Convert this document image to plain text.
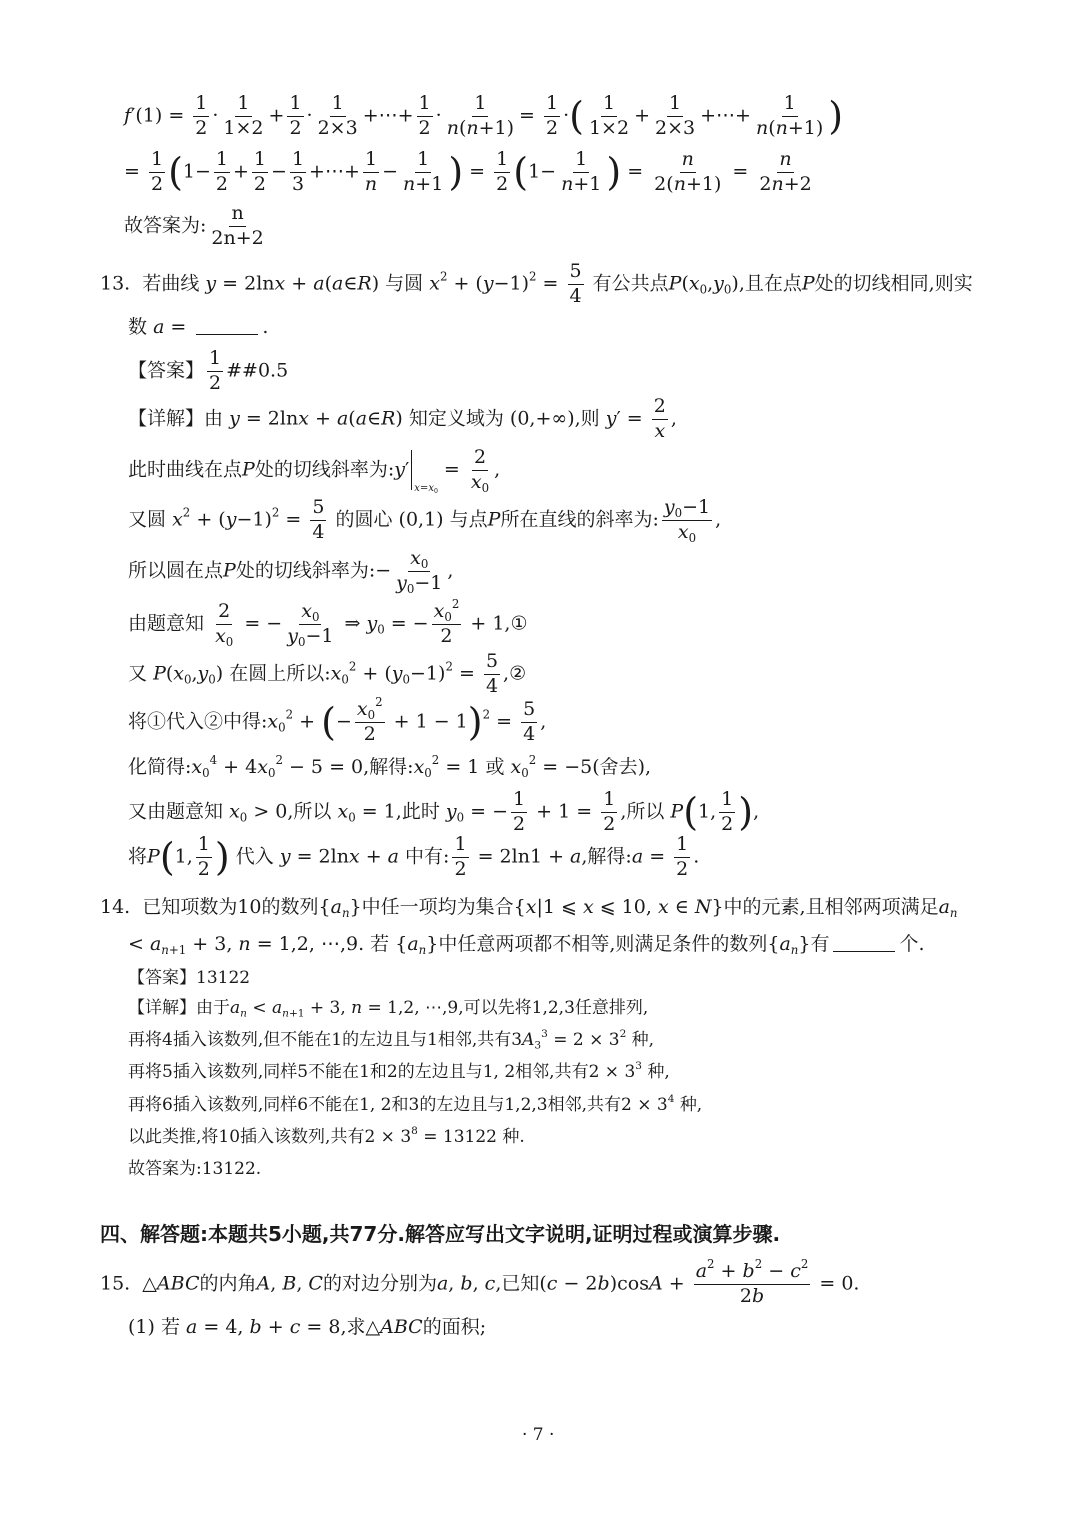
$f'(1) = \frac{1}{2} \cdot \frac{1}{1\times 2} + \frac{1}{2} \cdot \frac{1}{2\times 3}$ +⋯+ $\frac{1}{2} \cdot \frac{1}{n(n+1)} = \frac{1}{2}$ ·( $\frac{1}{1\times 2} + \frac{1}{2\times 3}$ +⋯+ $\frac{1}{n(n+1)}$ )
= $\frac{1}{2} (1- \frac{1}{2} + \frac{1}{2} - \frac{1}{3}$ +⋯+ $\frac{1}{n} - \frac{1}{n+1}$ ) = $\frac{1}{2} (1- \frac{1}{n+1}$ ) = $\frac{n}{2(n+1)} = \frac{n}{2n+2}$
故答案为: $\frac{n}{2n+2}$
13. 若曲线 y = 2lnx + a(a∈R) 与圆 $x^2 + (y-1)^2 = \frac{5}{4}$ 有公共点$P(x_0,y_0)$,且在点P处的切线相同,则实
数 a =	.
【答案】 $\frac{1}{2}$ ##0.5
【详解】由 y = 2lnx + a(a∈R) 知定义域为 (0,+∞),则 $y' = \frac{2}{x}$ ,
此时曲线在点P处的切线斜率为$:y'_{x=x_0} = \frac{2}{x_0}$ ,
又圆 $x^2 + (y-1)^2 = \frac{5}{4}$ 的圆心 (0,1) 与点P所在直线的斜率为: $\frac{y_0-1}{x_0}$ ,
所以圆在点P处的切线斜率为:− $\frac{x_0}{y_0-1}$ ,
由题意知 $\frac{2}{x_0}$ = − $\frac{x_0}{y_0-1}$ ⇒ $y_0$ = − $\frac{x_0^2}{2}$ + 1,①
又 $P(x_0,y_0)$ 在圆上所以$:x_0^2 + (y_0-1)^2 = \frac{5}{4}$ ,②
将①代入②中得$:x_0^2$ + (− $\frac{x_0^2}{2} + 1 - 1)^2 = \frac{5}{4}$ ,
化简得$:x_0^4 + 4x_0^2 - 5 = 0$,解得$:x_0^2 = 1$ 或 $x_0^2 = -5$(舍去),
又由题意知 $x_0 > 0$,所以 $x_0 = 1$,此时 $y_0$ = − $\frac{1}{2} + 1 = \frac{1}{2}$ ,所以 P(1, $\frac{1}{2}$ ),
将P(1, $\frac{1}{2}$ ) 代入 y = 2lnx + a 中有: $\frac{1}{2} = 2\ln 1 + a$,解得:a = $\frac{1}{2}$ .
14. 已知项数为10的数列$\{a_n\}$中任一项均为集合{x|1 ⩽ x ⩽ 10, x ∈ N}中的元素,且相邻两项满足$a_n$
< $a_{n+1} + 3$, n = 1,2, ⋯,9. 若 $\{a_n\}$中任意两项都不相等,则满足条件的数列$\{a_n\}$有	个.
【答案】13122
【详解】由于$a_n < a_{n+1} + 3$, n = 1,2, ⋯,9,可以先将1,2,3任意排列,
再将4插入该数列,但不能在1的左边且与1相邻,共有$3A_3^3 = 2 \times 3^2$ 种,
再将5插入该数列,同样5不能在1和2的左边且与1, 2相邻,共有$2 \times 3^3$ 种,
再将6插入该数列,同样6不能在1, 2和3的左边且与1,2,3相邻,共有$2 \times 3^4$ 种,
以此类推,将10插入该数列,共有$2 \times 3^8 = 13122$ 种.
故答案为:13122.
四、解答题:本题共5小题,共77分.解答应写出文字说明,证明过程或演算步骤.
15.  △ABC的内角A, B, C的对边分别为a, b, c,已知$(c - 2b)\cos A + \frac{a^2 + b^2 - c^2}{2b} = 0$.
(1) 若 a = 4, b + c = 8,求△ABC的面积;
· 7 ·
